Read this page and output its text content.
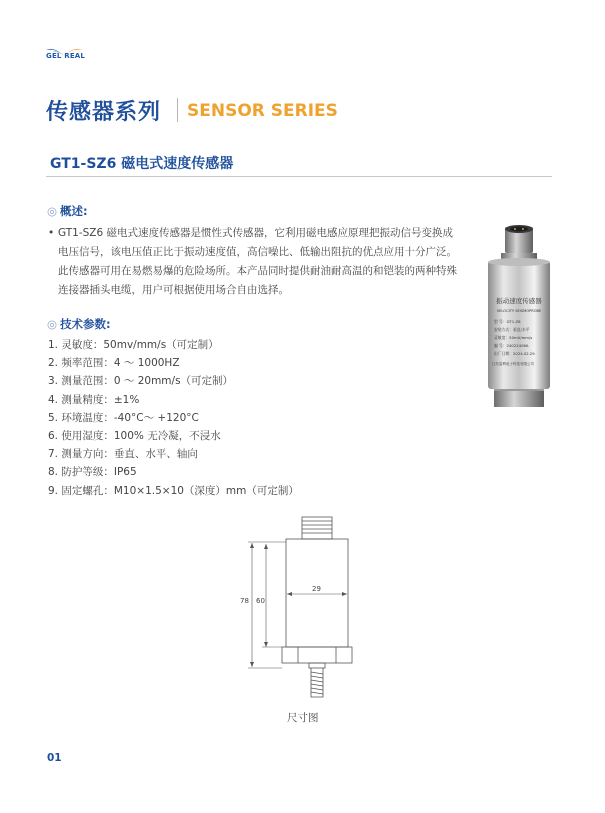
GEL REAL
传感器系列 SENSOR SERIES
GT1-SZ6 磁电式速度传感器
◎ 概述:
• GT1-SZ6 磁电式速度传感器是惯性式传感器，它利用磁电感应原理把振动信号变换成电压信号，该电压值正比于振动速度值，高信噪比、低输出阻抗的优点应用十分广泛。此传感器可用在易燃易爆的危险场所。本产品同时提供耐油耐高温的和铠装的两种特殊连接器插头电缆，用户可根据使用场合自由选择。
◎ 技术参数:
1. 灵敏度：50mv/mm/s（可定制）
2. 频率范围：4 ～ 1000HZ
3. 测量范围：0 ～ 20mm/s（可定制）
4. 测量精度：±1%
5. 环境温度：-40°C～ +120°C
6. 使用湿度：100% 无冷凝，不浸水
7. 测量方向：垂直、水平、轴向
8. 防护等级：IP65
9. 固定螺孔：M10×1.5×10（深度）mm（可定制）
振动速度传感器
VELOCITY SEISMOPROBE
型 号：GT1-Z6
安装方式：垂直/水平
灵敏度：50mV/mm/s
编 号：24022406A
出厂日期：2024.02.29
江苏雷利电子科技有限公司
78 60
29
尺寸图
01
